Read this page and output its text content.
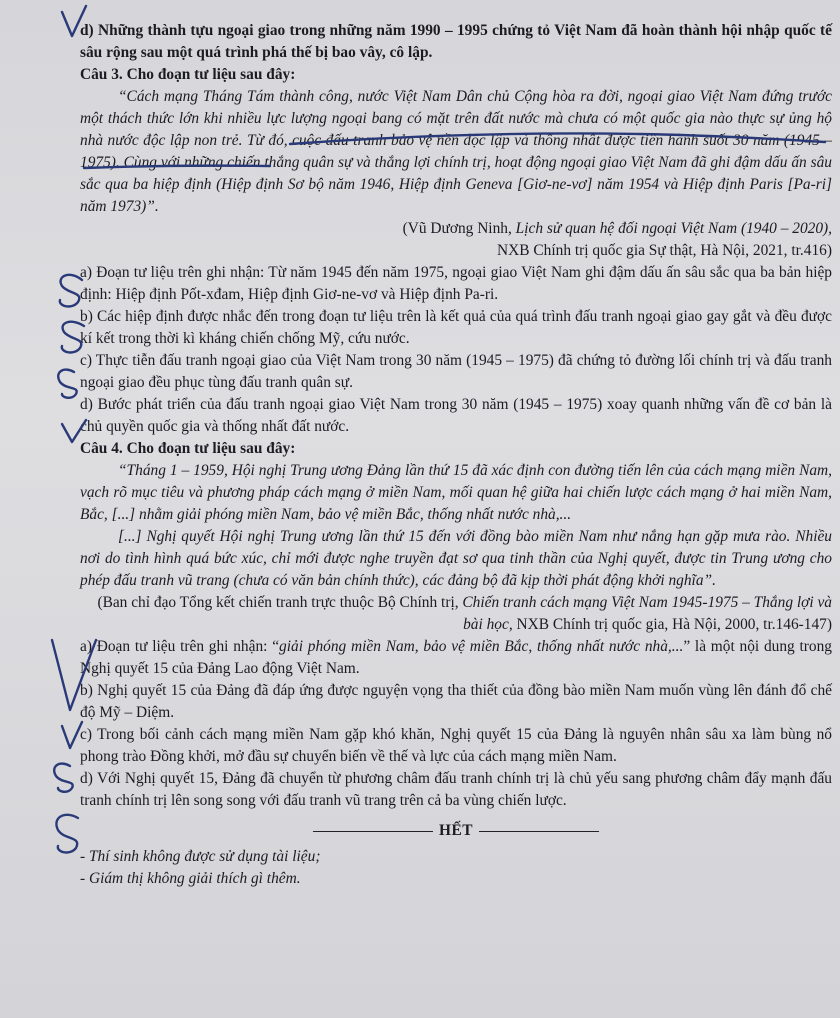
d) Những thành tựu ngoại giao trong những năm 1990 – 1995 chứng tỏ Việt Nam đã hoàn thành hội nhập quốc tế sâu rộng sau một quá trình phá thế bị bao vây, cô lập.

Câu 3. Cho đoạn tư liệu sau đây:

“Cách mạng Tháng Tám thành công, nước Việt Nam Dân chủ Cộng hòa ra đời, ngoại giao Việt Nam đứng trước một thách thức lớn khi nhiều lực lượng ngoại bang có mặt trên đất nước mà chưa có một quốc gia nào thực sự ủng hộ nhà nước độc lập non trẻ. Từ đó, cuộc đấu tranh bảo vệ nền độc lập và thống nhất được tiến hành suốt 30 năm (1945 – 1975). Cùng với những chiến thắng quân sự và thắng lợi chính trị, hoạt động ngoại giao Việt Nam đã ghi đậm dấu ấn sâu sắc qua ba hiệp định (Hiệp định Sơ bộ năm 1946, Hiệp định Geneva [Giơ-ne-vơ] năm 1954 và Hiệp định Paris [Pa-ri] năm 1973)”.

(Vũ Dương Ninh, Lịch sử quan hệ đối ngoại Việt Nam (1940 – 2020),
NXB Chính trị quốc gia Sự thật, Hà Nội, 2021, tr.416)

a) Đoạn tư liệu trên ghi nhận: Từ năm 1945 đến năm 1975, ngoại giao Việt Nam ghi đậm dấu ấn sâu sắc qua ba bản hiệp định: Hiệp định Pốt-xđam, Hiệp định Giơ-ne-vơ và Hiệp định Pa-ri.

b) Các hiệp định được nhắc đến trong đoạn tư liệu trên là kết quả của quá trình đấu tranh ngoại giao gay gắt và đều được kí kết trong thời kì kháng chiến chống Mỹ, cứu nước.

c) Thực tiễn đấu tranh ngoại giao của Việt Nam trong 30 năm (1945 – 1975) đã chứng tỏ đường lối chính trị và đấu tranh ngoại giao đều phục tùng đấu tranh quân sự.

d) Bước phát triển của đấu tranh ngoại giao Việt Nam trong 30 năm (1945 – 1975) xoay quanh những vấn đề cơ bản là chủ quyền quốc gia và thống nhất đất nước.

Câu 4. Cho đoạn tư liệu sau đây:

“Tháng 1 – 1959, Hội nghị Trung ương Đảng lần thứ 15 đã xác định con đường tiến lên của cách mạng miền Nam, vạch rõ mục tiêu và phương pháp cách mạng ở miền Nam, mối quan hệ giữa hai chiến lược cách mạng ở hai miền Nam, Bắc, [...] nhằm giải phóng miền Nam, bảo vệ miền Bắc, thống nhất nước nhà,...

[...] Nghị quyết Hội nghị Trung ương lần thứ 15 đến với đồng bào miền Nam như nắng hạn gặp mưa rào. Nhiều nơi do tình hình quá bức xúc, chỉ mới được nghe truyền đạt sơ qua tinh thần của Nghị quyết, được tin Trung ương cho phép đấu tranh vũ trang (chưa có văn bản chính thức), các đảng bộ đã kịp thời phát động khởi nghĩa”.

(Ban chỉ đạo Tổng kết chiến tranh trực thuộc Bộ Chính trị, Chiến tranh cách mạng Việt Nam 1945-1975 – Thắng lợi và bài học, NXB Chính trị quốc gia, Hà Nội, 2000, tr.146-147)

a) Đoạn tư liệu trên ghi nhận: “giải phóng miền Nam, bảo vệ miền Bắc, thống nhất nước nhà,...” là một nội dung trong Nghị quyết 15 của Đảng Lao động Việt Nam.

b) Nghị quyết 15 của Đảng đã đáp ứng được nguyện vọng tha thiết của đồng bào miền Nam muốn vùng lên đánh đổ chế độ Mỹ – Diệm.

c) Trong bối cảnh cách mạng miền Nam gặp khó khăn, Nghị quyết 15 của Đảng là nguyên nhân sâu xa làm bùng nổ phong trào Đồng khởi, mở đầu sự chuyển biến về thế và lực của cách mạng miền Nam.

d) Với Nghị quyết 15, Đảng đã chuyển từ phương châm đấu tranh chính trị là chủ yếu sang phương châm đẩy mạnh đấu tranh chính trị lên song song với đấu tranh vũ trang trên cả ba vùng chiến lược.

HẾT

- Thí sinh không được sử dụng tài liệu;

- Giám thị không giải thích gì thêm.
